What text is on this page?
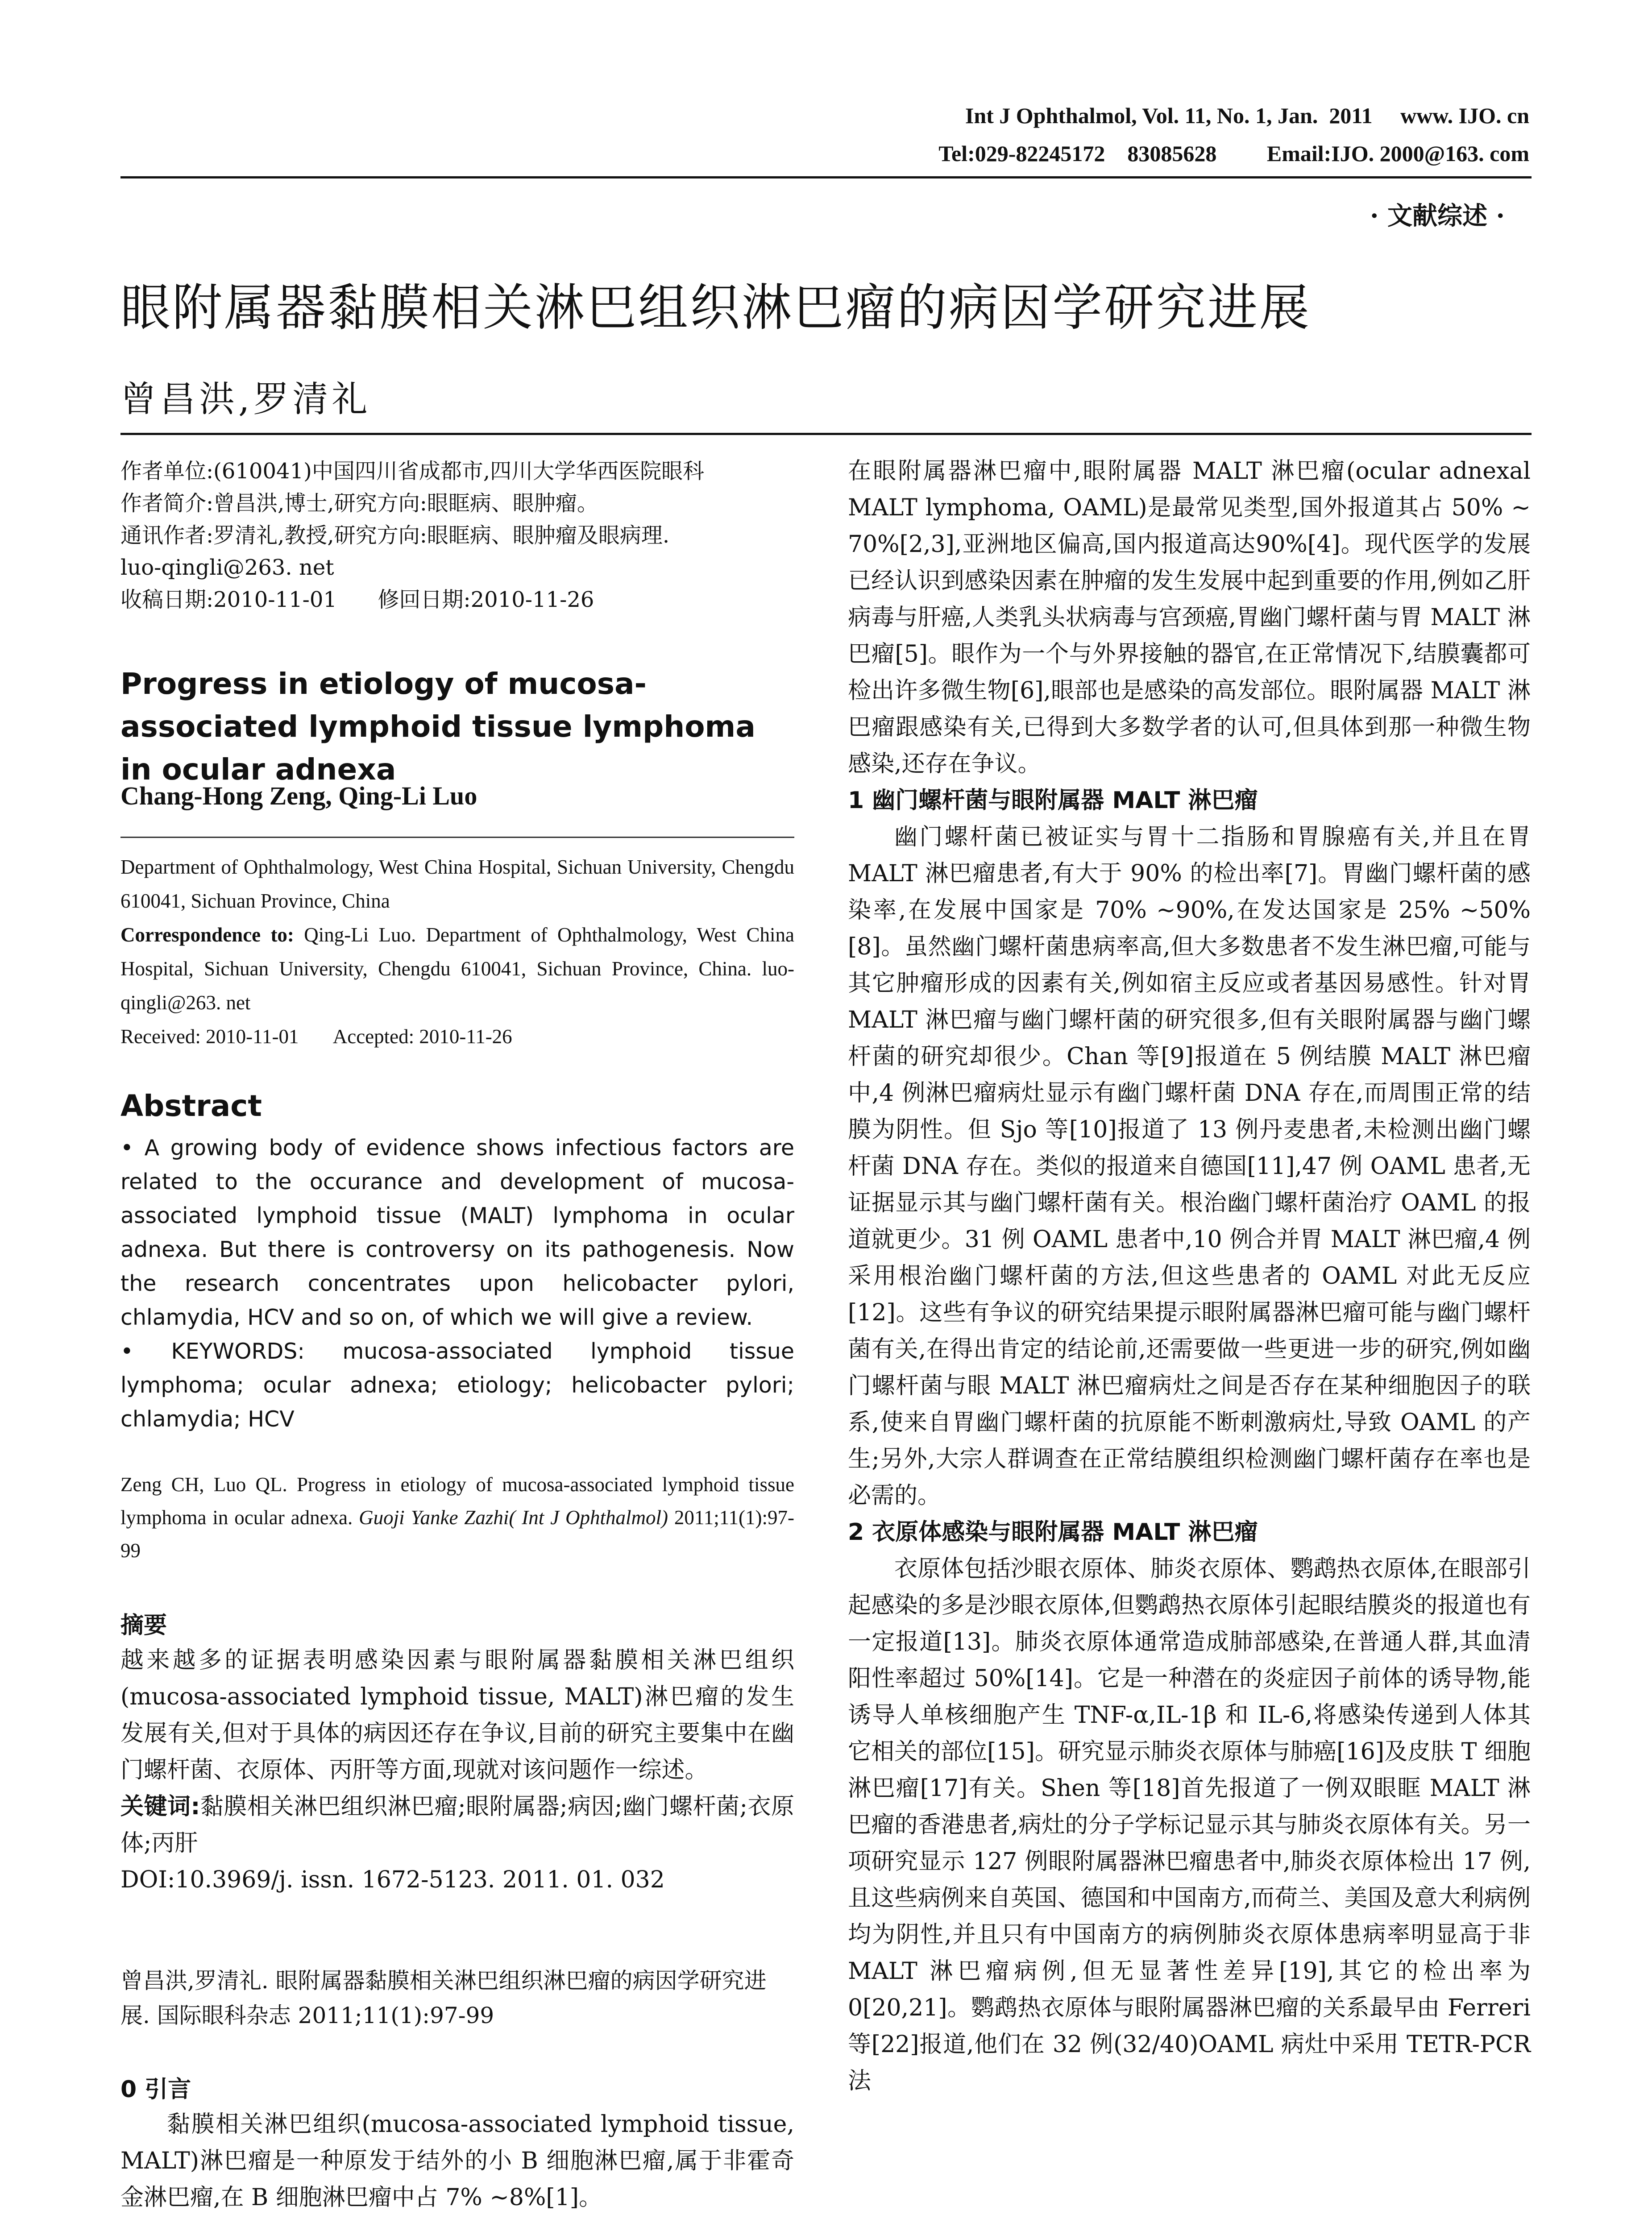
Int J Ophthalmol, Vol. 11, No. 1, Jan.  2011     www. IJO. cn
Tel:029-82245172    83085628         Email:IJO. 2000@163. com
· 文献综述 ·
眼附属器黏膜相关淋巴组织淋巴瘤的病因学研究进展
曾昌洪,罗清礼
作者单位:(610041)中国四川省成都市,四川大学华西医院眼科
作者简介:曾昌洪,博士,研究方向:眼眶病、眼肿瘤。
通讯作者:罗清礼,教授,研究方向:眼眶病、眼肿瘤及眼病理.
luo-qingli@263. net
收稿日期:2010-11-01      修回日期:2010-11-26
Progress in etiology of mucosa-associated lymphoid tissue lymphoma in ocular adnexa
Chang-Hong Zeng, Qing-Li Luo
Department of Ophthalmology, West China Hospital, Sichuan University, Chengdu 610041, Sichuan Province, China
Correspondence to: Qing-Li Luo. Department of Ophthalmology, West China Hospital, Sichuan University, Chengdu 610041, Sichuan Province, China. luo-qingli@263. net
Received: 2010-11-01       Accepted: 2010-11-26
Abstract
• A growing body of evidence shows infectious factors are related to the occurance and development of mucosa-associated lymphoid tissue (MALT) lymphoma in ocular adnexa. But there is controversy on its pathogenesis. Now the research concentrates upon helicobacter pylori, chlamydia, HCV and so on, of which we will give a review.
• KEYWORDS: mucosa-associated lymphoid tissue lymphoma; ocular adnexa; etiology; helicobacter pylori; chlamydia; HCV
Zeng CH, Luo QL. Progress in etiology of mucosa-associated lymphoid tissue lymphoma in ocular adnexa. Guoji Yanke Zazhi( Int J Ophthalmol) 2011;11(1):97-99
摘要

越来越多的证据表明感染因素与眼附属器黏膜相关淋巴组织(mucosa-associated lymphoid tissue, MALT)淋巴瘤的发生发展有关,但对于具体的病因还存在争议,目前的研究主要集中在幽门螺杆菌、衣原体、丙肝等方面,现就对该问题作一综述。

关键词:黏膜相关淋巴组织淋巴瘤;眼附属器;病因;幽门螺杆菌;衣原体;丙肝

DOI:10.3969/j. issn. 1672-5123. 2011. 01. 032

曾昌洪,罗清礼. 眼附属器黏膜相关淋巴组织淋巴瘤的病因学研究进展. 国际眼科杂志 2011;11(1):97-99
0 引言

黏膜相关淋巴组织(mucosa-associated lymphoid tissue, MALT)淋巴瘤是一种原发于结外的小 B 细胞淋巴瘤,属于非霍奇金淋巴瘤,在 B 细胞淋巴瘤中占 7% ~8%[1]。

在眼附属器淋巴瘤中,眼附属器 MALT 淋巴瘤(ocular adnexal MALT lymphoma, OAML)是最常见类型,国外报道其占 50% ~ 70%[2,3],亚洲地区偏高,国内报道高达90%[4]。现代医学的发展已经认识到感染因素在肿瘤的发生发展中起到重要的作用,例如乙肝病毒与肝癌,人类乳头状病毒与宫颈癌,胃幽门螺杆菌与胃 MALT 淋巴瘤[5]。眼作为一个与外界接触的器官,在正常情况下,结膜囊都可检出许多微生物[6],眼部也是感染的高发部位。眼附属器 MALT 淋巴瘤跟感染有关,已得到大多数学者的认可,但具体到那一种微生物感染,还存在争议。

1 幽门螺杆菌与眼附属器 MALT 淋巴瘤

幽门螺杆菌已被证实与胃十二指肠和胃腺癌有关,并且在胃 MALT 淋巴瘤患者,有大于 90% 的检出率[7]。胃幽门螺杆菌的感染率,在发展中国家是 70% ~90%,在发达国家是 25% ~50%[8]。虽然幽门螺杆菌患病率高,但大多数患者不发生淋巴瘤,可能与其它肿瘤形成的因素有关,例如宿主反应或者基因易感性。针对胃 MALT 淋巴瘤与幽门螺杆菌的研究很多,但有关眼附属器与幽门螺杆菌的研究却很少。Chan 等[9]报道在 5 例结膜 MALT 淋巴瘤中,4 例淋巴瘤病灶显示有幽门螺杆菌 DNA 存在,而周围正常的结膜为阴性。但 Sjo 等[10]报道了 13 例丹麦患者,未检测出幽门螺杆菌 DNA 存在。类似的报道来自德国[11],47 例 OAML 患者,无证据显示其与幽门螺杆菌有关。根治幽门螺杆菌治疗 OAML 的报道就更少。31 例 OAML 患者中,10 例合并胃 MALT 淋巴瘤,4 例采用根治幽门螺杆菌的方法,但这些患者的 OAML 对此无反应[12]。这些有争议的研究结果提示眼附属器淋巴瘤可能与幽门螺杆菌有关,在得出肯定的结论前,还需要做一些更进一步的研究,例如幽门螺杆菌与眼 MALT 淋巴瘤病灶之间是否存在某种细胞因子的联系,使来自胃幽门螺杆菌的抗原能不断刺激病灶,导致 OAML 的产生;另外,大宗人群调查在正常结膜组织检测幽门螺杆菌存在率也是必需的。

2 衣原体感染与眼附属器 MALT 淋巴瘤

衣原体包括沙眼衣原体、肺炎衣原体、鹦鹉热衣原体,在眼部引起感染的多是沙眼衣原体,但鹦鹉热衣原体引起眼结膜炎的报道也有一定报道[13]。肺炎衣原体通常造成肺部感染,在普通人群,其血清阳性率超过 50%[14]。它是一种潜在的炎症因子前体的诱导物,能诱导人单核细胞产生 TNF-α,IL-1β 和 IL-6,将感染传递到人体其它相关的部位[15]。研究显示肺炎衣原体与肺癌[16]及皮肤 T 细胞淋巴瘤[17]有关。Shen 等[18]首先报道了一例双眼眶 MALT 淋巴瘤的香港患者,病灶的分子学标记显示其与肺炎衣原体有关。另一项研究显示 127 例眼附属器淋巴瘤患者中,肺炎衣原体检出 17 例,且这些病例来自英国、德国和中国南方,而荷兰、美国及意大利病例均为阴性,并且只有中国南方的病例肺炎衣原体患病率明显高于非 MALT 淋巴瘤病例,但无显著性差异[19],其它的检出率为 0[20,21]。鹦鹉热衣原体与眼附属器淋巴瘤的关系最早由 Ferreri 等[22]报道,他们在 32 例(32/40)OAML 病灶中采用 TETR-PCR 法
